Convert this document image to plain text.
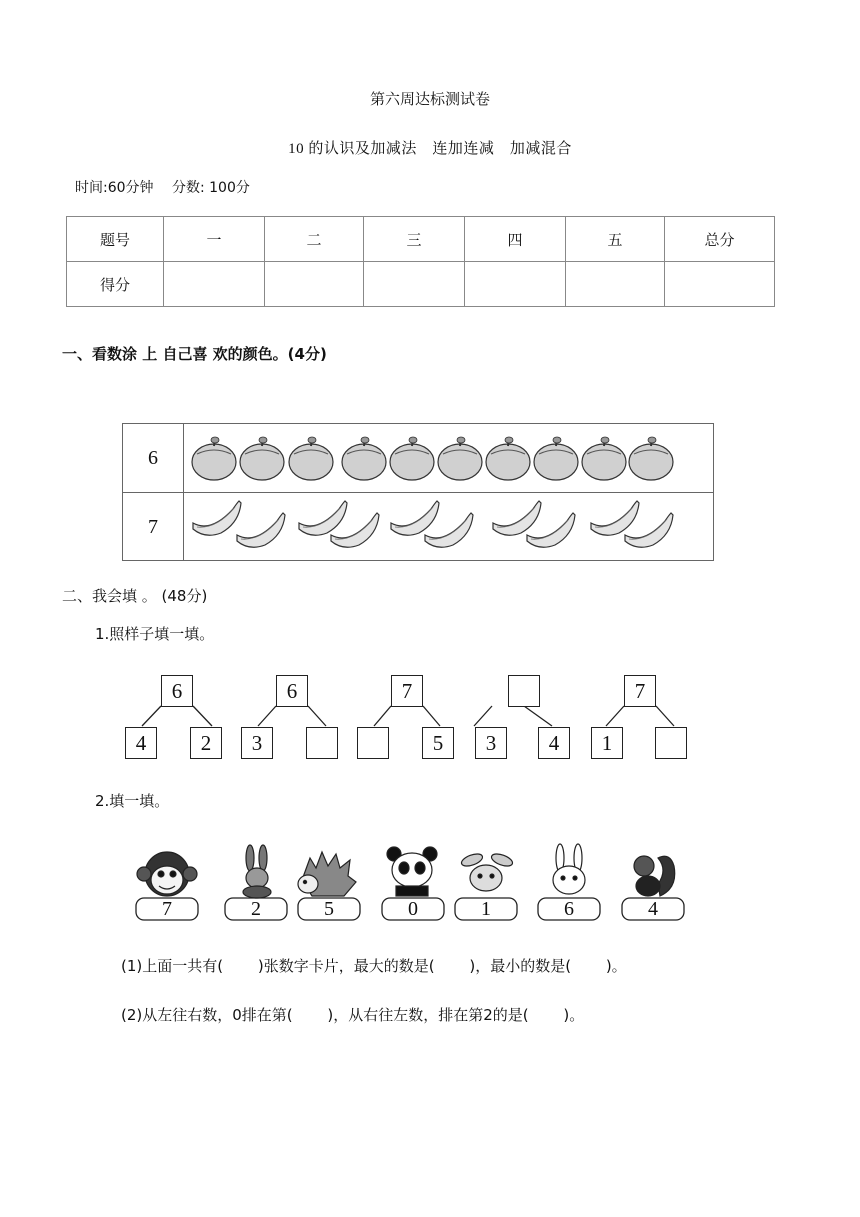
第六周达标测试卷
10 的认识及加减法　连加连减　加减混合
时间:60分钟　 分数: 100分
题号	一	二	三	四	五	总分
得分						
一、看数涂 上 自己喜 欢的颜色。(4分)
6
7
二、我会填 。 (48分)
1.照样子填一填。
6
4	2
6
3
7
5	3	4
7
1
2.填一填。
7	2	5	0	1	6	4
(1)上面一共有(　　 )张数字卡片，最大的数是(　　 )，最小的数是(　　 )。
(2)从左往右数，0排在第(　　 )，从右往左数，排在第2的是(　　 )。
